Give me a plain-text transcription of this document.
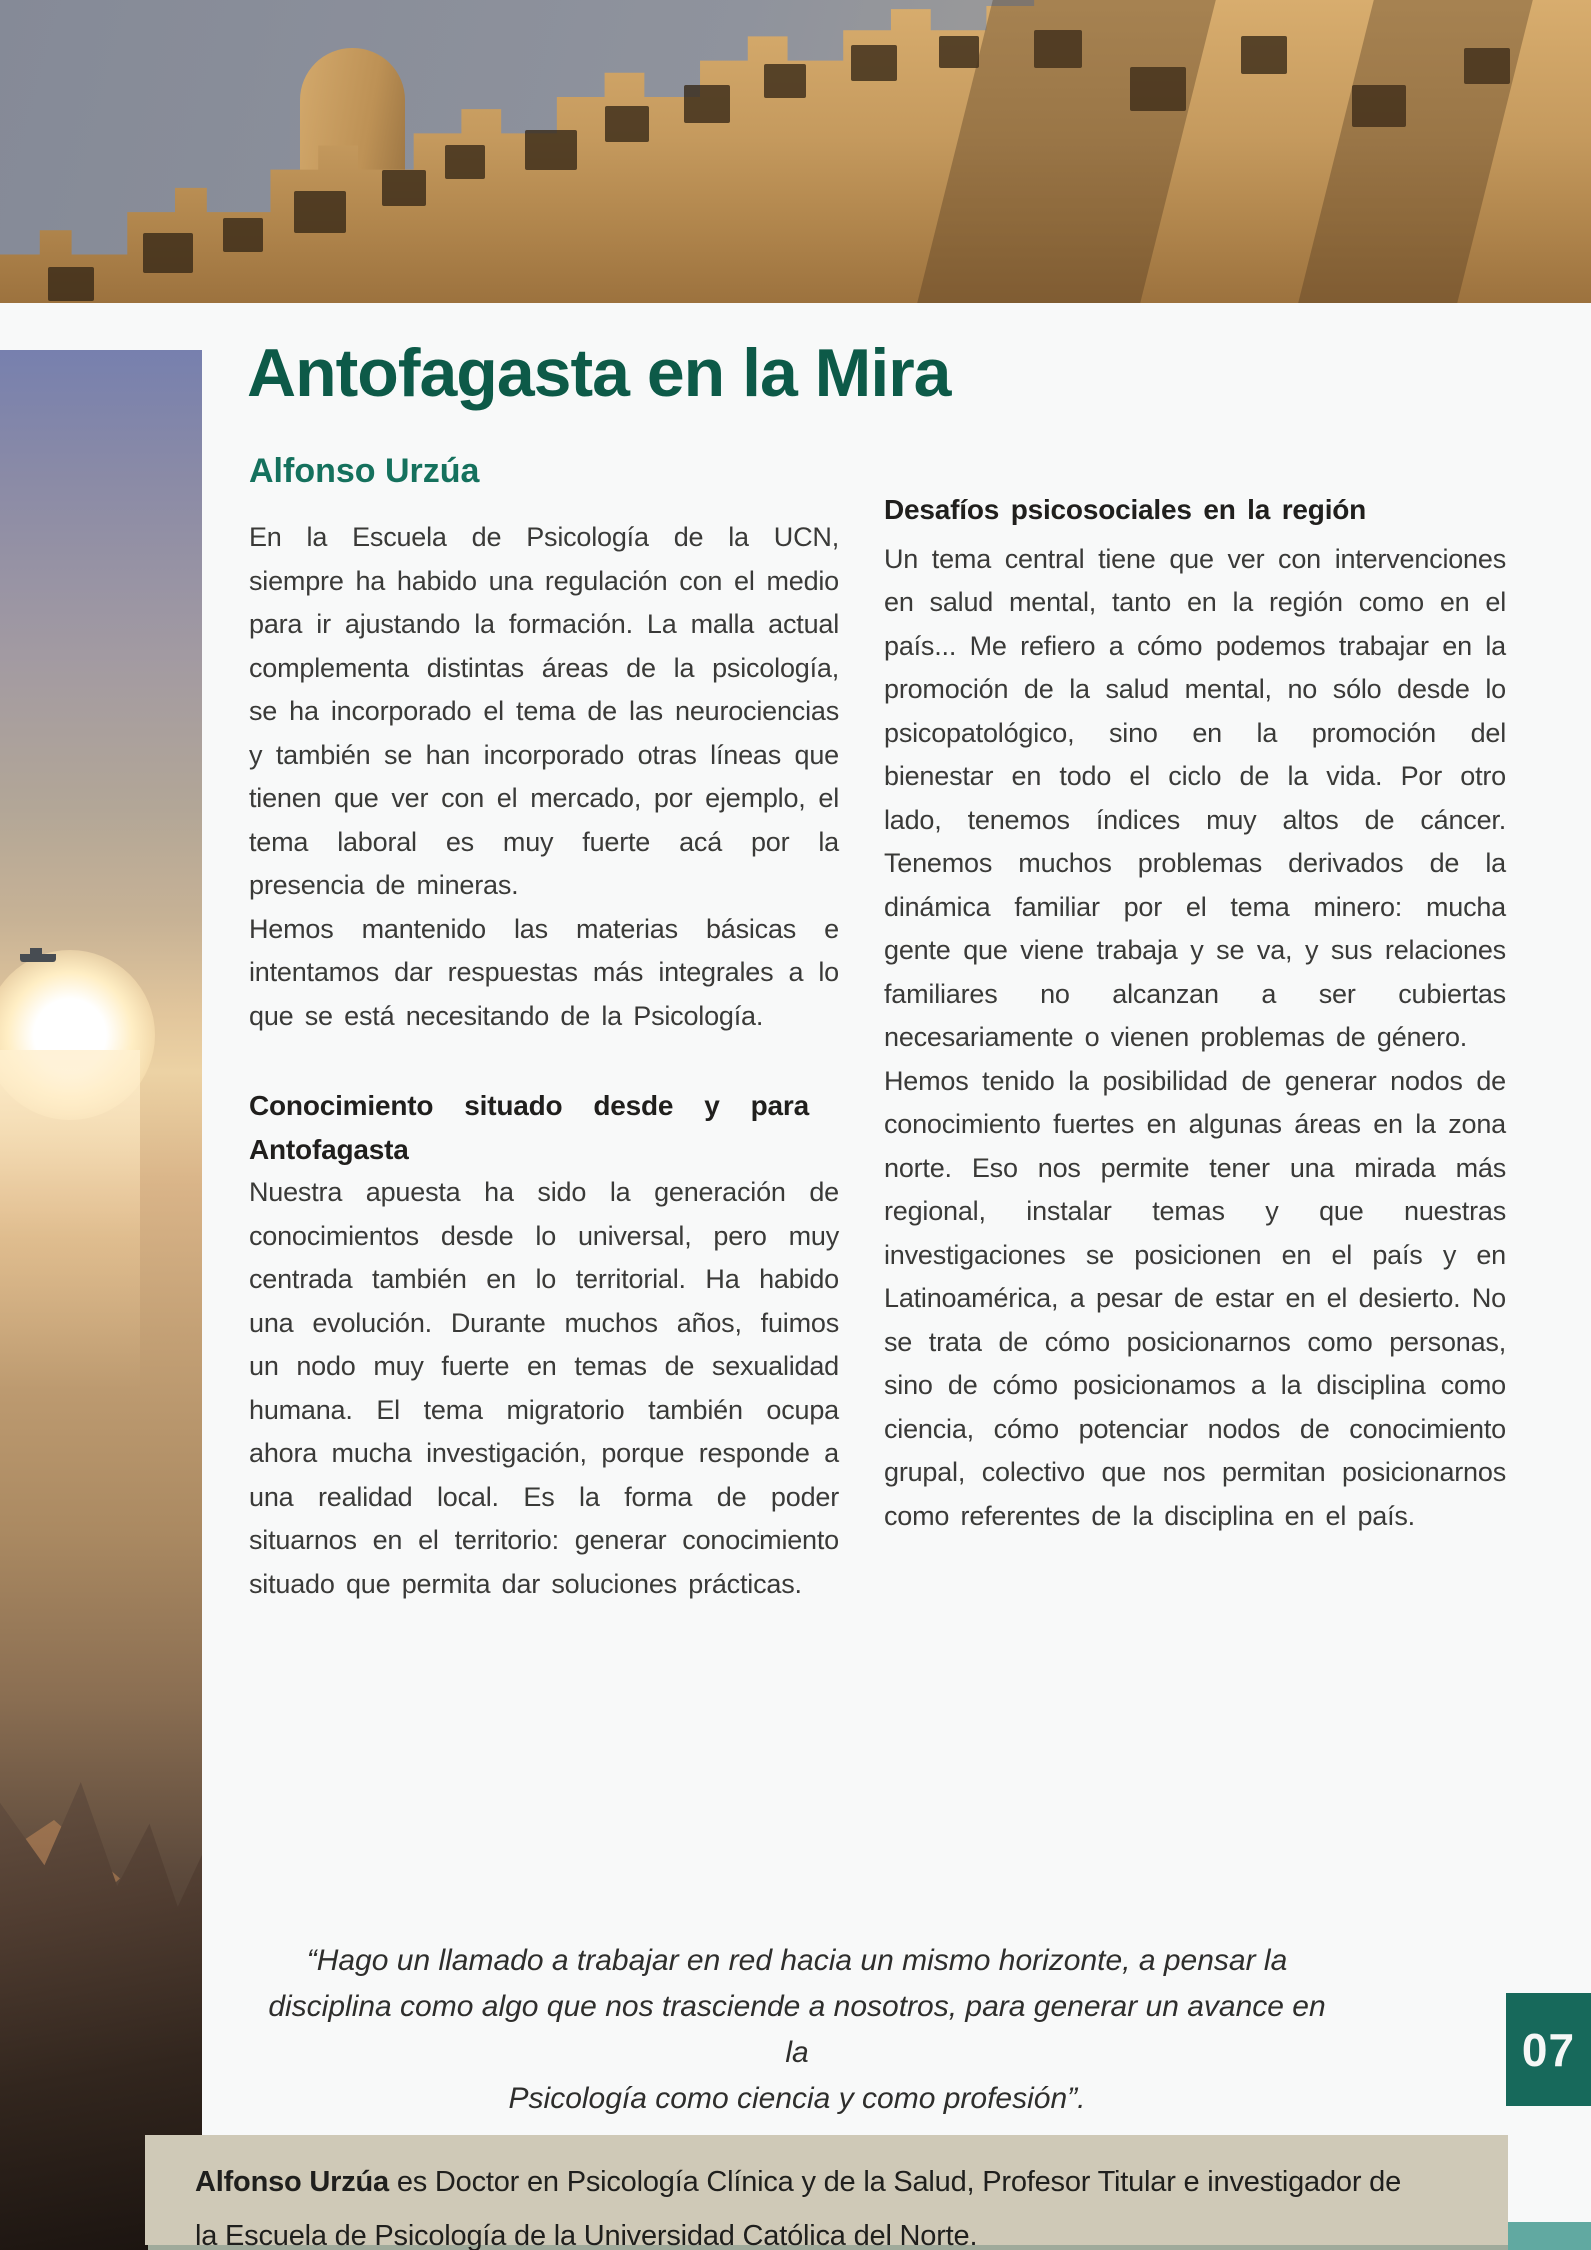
Antofagasta en la Mira
Alfonso Urzúa

En la Escuela de Psicología de la UCN, siempre ha habido una regulación con el medio para ir ajustando la formación. La malla actual complementa distintas áreas de la psicología, se ha incorporado el tema de las neurociencias y también se han incorporado otras líneas que tienen que ver con el mercado, por ejemplo, el tema laboral es muy fuerte acá por la presencia de mineras.

Hemos mantenido las materias básicas e intentamos dar respuestas más integrales a lo que se está necesitando de la Psicología.

Conocimiento situado desde y para Antofagasta

Nuestra apuesta ha sido la generación de conocimientos desde lo universal, pero muy centrada también en lo territorial. Ha habido una evolución. Durante muchos años, fuimos un nodo muy fuerte en temas de sexualidad humana. El tema migratorio también ocupa ahora mucha investigación, porque responde a una realidad local. Es la forma de poder situarnos en el territorio: generar conocimiento situado que permita dar soluciones prácticas.

Desafíos psicosociales en la región

Un tema central tiene que ver con intervenciones en salud mental, tanto en la región como en el país... Me refiero a cómo podemos trabajar en la promoción de la salud mental, no sólo desde lo psicopatológico, sino en la promoción del bienestar en todo el ciclo de la vida. Por otro lado, tenemos índices muy altos de cáncer. Tenemos muchos problemas derivados de la dinámica familiar por el tema minero: mucha gente que viene trabaja y se va, y sus relaciones familiares no alcanzan a ser cubiertas necesariamente o vienen problemas de género.

Hemos tenido la posibilidad de generar nodos de conocimiento fuertes en algunas áreas en la zona norte. Eso nos permite tener una mirada más regional, instalar temas y que nuestras investigaciones se posicionen en el país y en Latinoamérica, a pesar de estar en el desierto. No se trata de cómo posicionarnos como personas, sino de cómo posicionamos a la disciplina como ciencia, cómo potenciar nodos de conocimiento grupal, colectivo que nos permitan posicionarnos como referentes de la disciplina en el país.

“Hago un llamado a trabajar en red hacia un mismo horizonte, a pensar la
disciplina como algo que nos trasciende a nosotros, para generar un avance en la
Psicología como ciencia y como profesión”.
07

Alfonso Urzúa es Doctor en Psicología Clínica y de la Salud, Profesor Titular e investigador de la Escuela de Psicología de la Universidad Católica del Norte.
